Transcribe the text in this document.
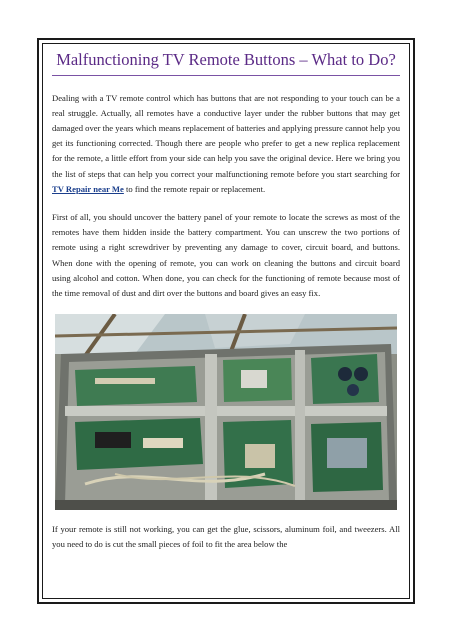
Malfunctioning TV Remote Buttons – What to Do?

Dealing with a TV remote control which has buttons that are not responding to your touch can be a real struggle. Actually, all remotes have a conductive layer under the rubber buttons that may get damaged over the years which means replacement of batteries and applying pressure cannot help you get its functioning corrected. Though there are people who prefer to get a new replica replacement for the remote, a little effort from your side can help you save the original device. Here we bring you the list of steps that can help you correct your malfunctioning remote before you start searching for TV Repair near Me to find the remote repair or replacement.

First of all, you should uncover the battery panel of your remote to locate the screws as most of the remotes have them hidden inside the battery compartment. You can unscrew the two portions of remote using a right screwdriver by preventing any damage to cover, circuit board, and buttons. When done with the opening of remote, you can work on cleaning the buttons and circuit board using alcohol and cotton. When done, you can check for the functioning of remote because most of the time removal of dust and dirt over the buttons and board gives an easy fix.

If your remote is still not working, you can get the glue, scissors, aluminum foil, and tweezers. All you need to do is cut the small pieces of foil to fit the area below the
